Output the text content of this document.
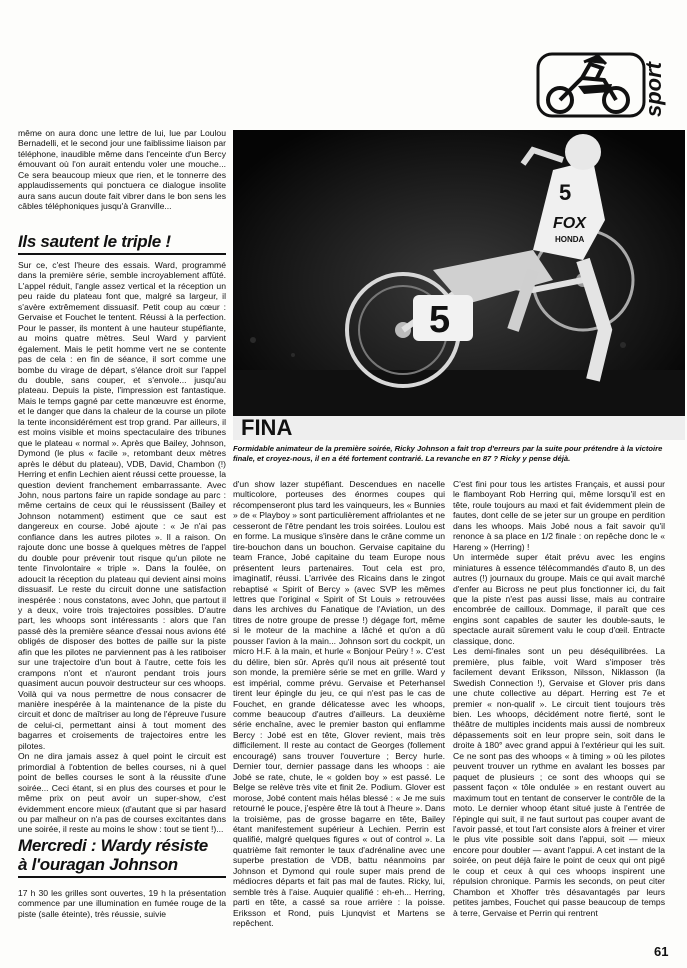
sport

même on aura donc une lettre de lui, lue par Loulou Bernadelli, et le second jour une faiblissime liaison par téléphone, inaudible même dans l'enceinte d'un Bercy émouvant où l'on aurait entendu voler une mouche... Ce sera beaucoup mieux que rien, et le tonnerre des applaudissements qui ponctuera ce dialogue insolite aura sans aucun doute fait vibrer dans le bon sens les câbles téléphoniques jusqu'à Granville...

Ils sautent le triple !

Sur ce, c'est l'heure des essais. Ward, programmé dans la première série, semble incroyablement affûté. L'appel réduit, l'angle assez vertical et la réception un peu raide du plateau font que, malgré sa largeur, il s'avère extrêmement dissuasif. Petit coup au cœur : Gervaise et Fouchet le tentent. Réussi à la perfection. Pour le passer, ils montent à une hauteur stupéfiante, au moins quatre mètres. Seul Ward y parvient également. Mais le petit homme vert ne se contente pas de cela : en fin de séance, il sort comme une bombe du virage de départ, s'élance droit sur l'appel du double, sans couper, et s'envole... jusqu'au plateau. Depuis la piste, l'impression est fantastique. Mais le temps gagné par cette manœuvre est énorme, et le danger que dans la chaleur de la course un pilote la tente inconsidérément est trop grand. Par ailleurs, il est moins visible et moins spectaculaire des tribunes que le plateau « normal ». Après que Bailey, Johnson, Dymond (le plus « facile », retombant deux mètres après le début du plateau), VDB, David, Chambon (!) Herring et enfin Lechien aient réussi cette prouesse, la question devient franchement embarrassante. Avec John, nous partons faire un rapide sondage au parc : même certains de ceux qui le réussissent (Bailey et Johnson notamment) estiment que ce saut est dangereux en course. Jobé ajoute : « Je n'ai pas confiance dans les autres pilotes ». Il a raison. On rajoute donc une bosse à quelques mètres de l'appel du double pour prévenir tout risque qu'un pilote ne tente l'involontaire « triple ». Dans la foulée, on adoucit la réception du plateau qui devient ainsi moins dissuasif. Le reste du circuit donne une satisfaction inespérée : nous constatons, avec John, que partout il y a deux, voire trois trajectoires possibles. D'autre part, les whoops sont intéressants : alors que l'an passé dès la première séance d'essai nous avions été obligés de disposer des bottes de paille sur la piste afin que les pilotes ne parviennent pas à les ratiboiser sur une trajectoire d'un bout à l'autre, cette fois les crampons n'ont et n'auront pendant trois jours quasiment aucun pouvoir destructeur sur ces whoops. Voilà qui va nous permettre de nous consacrer de manière inespérée à la maintenance de la piste du circuit et donc de maîtriser au long de l'épreuve l'usure de celui-ci, permettant ainsi à tout moment des bagarres et croisements de trajectoires entre les pilotes.

On ne dira jamais assez à quel point le circuit est primordial à l'obtention de belles courses, ni à quel point de belles courses le sont à la réussite d'une soirée... Ceci étant, si en plus des courses et pour le même prix on peut avoir un super-show, c'est évidemment encore mieux (d'autant que si par hasard ou par malheur on n'a pas de courses excitantes dans une soirée, il reste au moins le show : tout se tient !)...

Mercredi : Wardy résiste
à l'ouragan Johnson

17 h 30 les grilles sont ouvertes, 19 h la présentation commence par une illumination en fumée rouge de la piste (salle éteinte), très réussie, suivie

FINA
5
5
FOX
HONDA
Formidable animateur de la première soirée, Ricky Johnson a fait trop d'erreurs par la suite pour prétendre à la victoire finale, et croyez-nous, il en a été fortement contrarié. La revanche en 87 ? Ricky y pense déjà.

d'un show lazer stupéfiant. Descendues en nacelle multicolore, porteuses des énormes coupes qui récompenseront plus tard les vainqueurs, les « Bunnies » de « Playboy » sont particulièrement affriolantes et ne cesseront de l'être pendant les trois soirées. Loulou est en forme. La musique s'insère dans le crâne comme un tire-bouchon dans un bouchon. Gervaise capitaine du team France, Jobé capitaine du team Europe nous présentent leurs partenaires. Tout cela est pro, imaginatif, réussi. L'arrivée des Ricains dans le zingot rebaptisé « Spirit of Bercy » (avec SVP les mêmes lettres que l'original « Spirit of St Louis » retrouvées dans les archives du Fanatique de l'Aviation, un des titres de notre groupe de presse !) dégage fort, même si le moteur de la machine a lâché et qu'on a dû pousser l'avion à la main... Johnson sort du cockpit, un micro H.F. à la main, et hurle « Bonjour Peüry ! ». C'est du délire, bien sûr. Après qu'il nous ait présenté tout son monde, la première série se met en grille. Ward y est impérial, comme prévu. Gervaise et Peterhansel tirent leur épingle du jeu, ce qui n'est pas le cas de Fouchet, en grande délicatesse avec les whoops, comme beaucoup d'autres d'ailleurs. La deuxième série enchaîne, avec le premier baston qui enflamme Bercy : Jobé est en tête, Glover revient, mais très difficilement. Il reste au contact de Georges (follement encouragé) sans trouver l'ouverture ; Bercy hurle. Dernier tour, dernier passage dans les whoops : aie Jobé se rate, chute, le « golden boy » est passé. Le Belge se relève très vite et finit 2e. Podium. Glover est morose, Jobé content mais hélas blessé : « Je me suis retourné le pouce, j'espère être là tout à l'heure ». Dans la troisième, pas de grosse bagarre en tête, Bailey étant manifestement supérieur à Lechien. Perrin est qualifié, malgré quelques figures « out of control ». La quatrième fait remonter le taux d'adrénaline avec une superbe prestation de VDB, battu néanmoins par Johnson et Dymond qui roule super mais prend de médiocres départs et fait pas mal de fautes. Ricky, lui, semble très à l'aise. Auquier qualifié : eh-eh... Herring, parti en tête, a cassé sa roue arrière : la poisse. Eriksson et Rond, puis Ljunqvist et Martens se repêchent.

C'est fini pour tous les artistes Français, et aussi pour le flamboyant Rob Herring qui, même lorsqu'il est en tête, roule toujours au maxi et fait évidemment plein de fautes, dont celle de se jeter sur un groupe en perdition dans les whoops. Mais Jobé nous a fait savoir qu'il renonce à sa place en 1/2 finale : on repêche donc le « Hareng » (Herring) !

Un intermède super était prévu avec les engins miniatures à essence télécommandés d'auto 8, un des autres (!) journaux du groupe. Mais ce qui avait marché d'enfer au Bicross ne peut plus fonctionner ici, du fait que la piste n'est pas aussi lisse, mais au contraire encombrée de cailloux. Dommage, il paraît que ces engins sont capables de sauter les double-sauts, le spectacle aurait sûrement valu le coup d'œil. Entracte classique, donc.

Les demi-finales sont un peu déséquilibrées. La première, plus faible, voit Ward s'imposer très facilement devant Eriksson, Nilsson, Niklasson (la Swedish Connection !), Gervaise et Glover pris dans une chute collective au départ. Herring est 7e et premier « non-qualif ». Le circuit tient toujours très bien. Les whoops, décidément notre fierté, sont le théâtre de multiples incidents mais aussi de nombreux dépassements soit en leur propre sein, soit dans le droite à 180° avec grand appui à l'extérieur qui les suit. Ce ne sont pas des whoops « à timing » où les pilotes peuvent trouver un rythme en avalant les bosses par paquet de plusieurs ; ce sont des whoops qui se passent façon « tôle ondulée » en restant ouvert au maximum tout en tentant de conserver le contrôle de la moto. Le dernier whoop étant situé juste à l'entrée de l'épingle qui suit, il ne faut surtout pas couper avant de l'avoir passé, et tout l'art consiste alors à freiner et virer le plus vite possible soit dans l'appui, soit — mieux encore pour doubler — avant l'appui. A cet instant de la soirée, on peut déjà faire le point de ceux qui ont pigé le coup et ceux à qui ces whoops inspirent une répulsion chronique. Parmis les seconds, on peut citer Chambon et Xhoffer très désavantagés par leurs petites jambes, Fouchet qui passe beaucoup de temps à terre, Gervaise et Perrin qui rentrent

61
